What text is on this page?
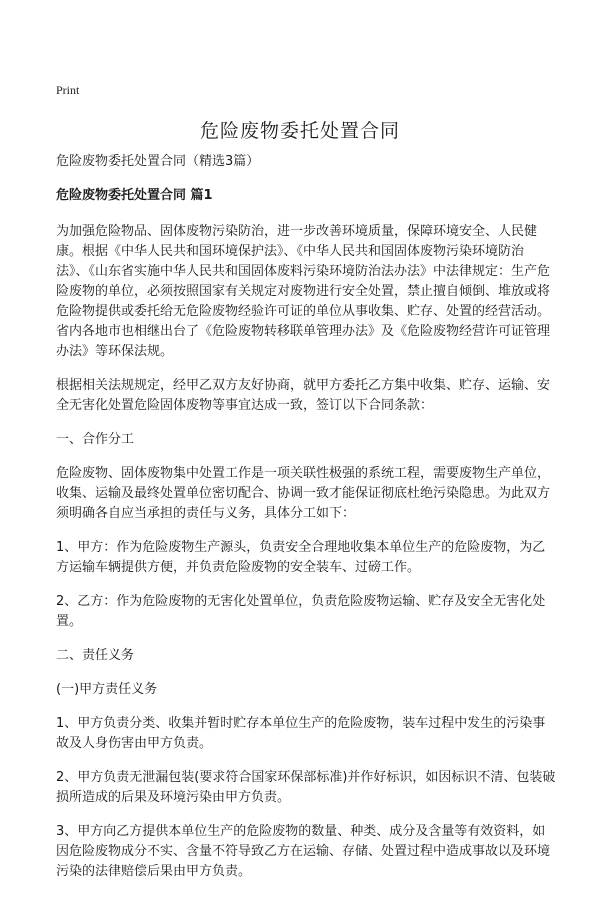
Print
危险废物委托处置合同

危险废物委托处置合同（精选3篇）

危险废物委托处置合同 篇1

为加强危险物品、固体废物污染防治，进一步改善环境质量，保障环境安全、人民健康。根据《中华人民共和国环境保护法》、《中华人民共和国固体废物污染环境防治法》、《山东省实施中华人民共和国固体废料污染环境防治法办法》中法律规定：生产危险废物的单位，必须按照国家有关规定对废物进行安全处置，禁止擅自倾倒、堆放或将危险物提供或委托给无危险废物经验许可证的单位从事收集、贮存、处置的经营活动。省内各地市也相继出台了《危险废物转移联单管理办法》及《危险废物经营许可证管理办法》等环保法规。

根据相关法规规定，经甲乙双方友好协商，就甲方委托乙方集中收集、贮存、运输、安全无害化处置危险固体废物等事宜达成一致，签订以下合同条款：

一、合作分工

危险废物、固体废物集中处置工作是一项关联性极强的系统工程，需要废物生产单位，收集、运输及最终处置单位密切配合、协调一致才能保证彻底杜绝污染隐患。为此双方须明确各自应当承担的责任与义务，具体分工如下：

1、甲方：作为危险废物生产源头，负责安全合理地收集本单位生产的危险废物，为乙方运输车辆提供方便，并负责危险废物的安全装车、过磅工作。

2、乙方：作为危险废物的无害化处置单位，负责危险废物运输、贮存及安全无害化处置。

二、责任义务

(一)甲方责任义务

1、甲方负责分类、收集并暂时贮存本单位生产的危险废物，装车过程中发生的污染事故及人身伤害由甲方负责。

2、甲方负责无泄漏包装(要求符合国家环保部标准)并作好标识，如因标识不清、包装破损所造成的后果及环境污染由甲方负责。

3、甲方向乙方提供本单位生产的危险废物的数量、种类、成分及含量等有效资料，如因危险废物成分不实、含量不符导致乙方在运输、存储、处置过程中造成事故以及环境污染的法律赔偿后果由甲方负责。
